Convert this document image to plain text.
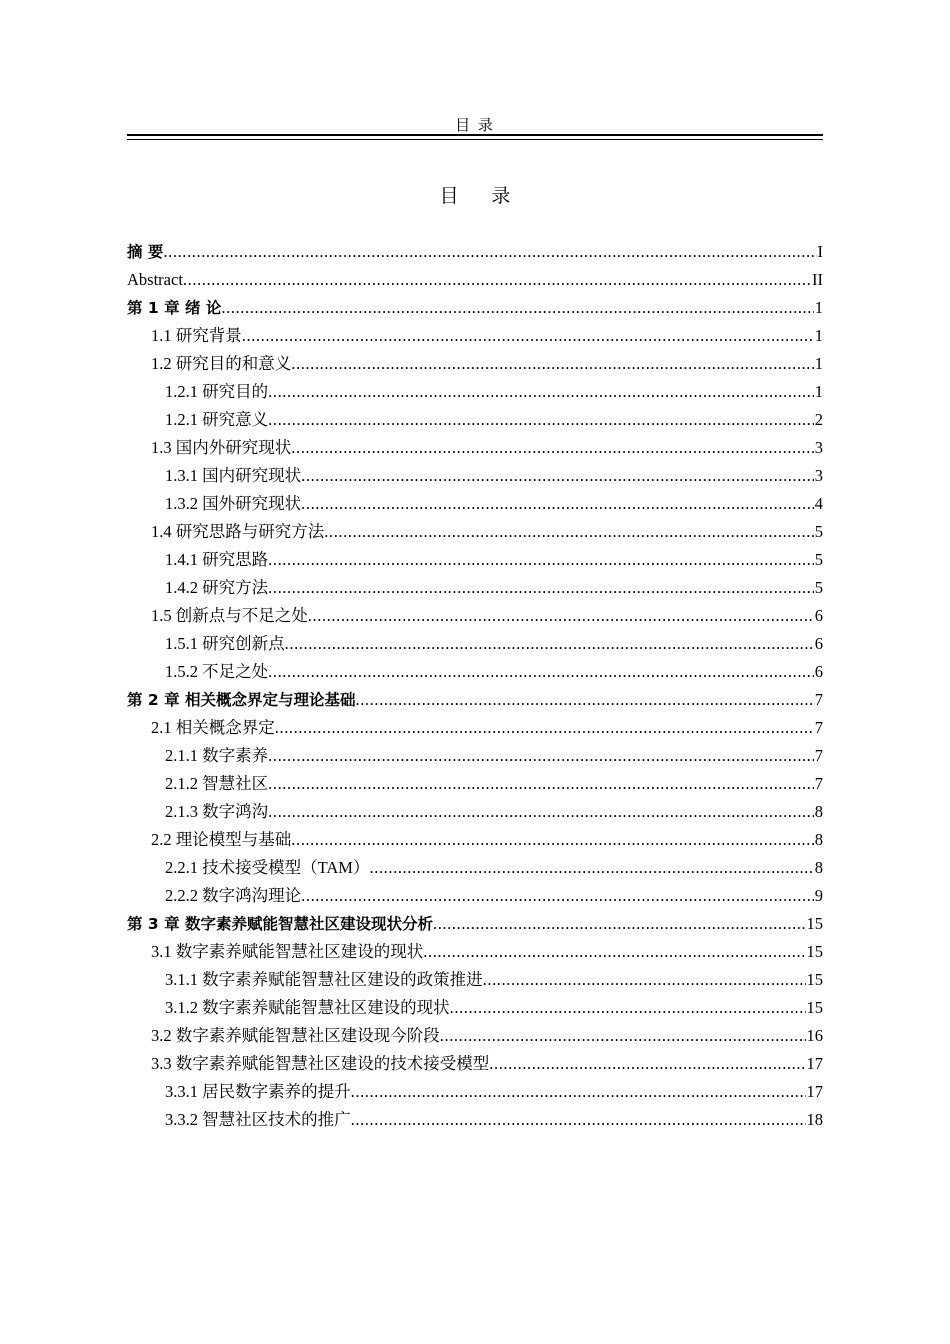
目 录
目 录
摘 要 .....	I
Abstract .....	II
第 1 章 绪 论 .....	1
1.1 研究背景 .....	1
1.2 研究目的和意义 .....	1
1.2.1 研究目的 .....	1
1.2.1 研究意义 .....	2
1.3 国内外研究现状 .....	3
1.3.1 国内研究现状 .....	3
1.3.2 国外研究现状 .....	4
1.4 研究思路与研究方法 .....	5
1.4.1 研究思路 .....	5
1.4.2 研究方法 .....	5
1.5 创新点与不足之处 .....	6
1.5.1 研究创新点 .....	6
1.5.2 不足之处 .....	6
第 2 章 相关概念界定与理论基础 .....	7
2.1 相关概念界定 .....	7
2.1.1 数字素养 .....	7
2.1.2 智慧社区 .....	7
2.1.3 数字鸿沟 .....	8
2.2 理论模型与基础 .....	8
2.2.1 技术接受模型（TAM） .....	8
2.2.2 数字鸿沟理论 .....	9
第 3 章 数字素养赋能智慧社区建设现状分析 .....	15
3.1 数字素养赋能智慧社区建设的现状 .....	15
3.1.1 数字素养赋能智慧社区建设的政策推进 .....	15
3.1.2 数字素养赋能智慧社区建设的现状 .....	15
3.2 数字素养赋能智慧社区建设现今阶段 .....	16
3.3 数字素养赋能智慧社区建设的技术接受模型 .....	17
3.3.1 居民数字素养的提升 .....	17
3.3.2 智慧社区技术的推广 .....	18
